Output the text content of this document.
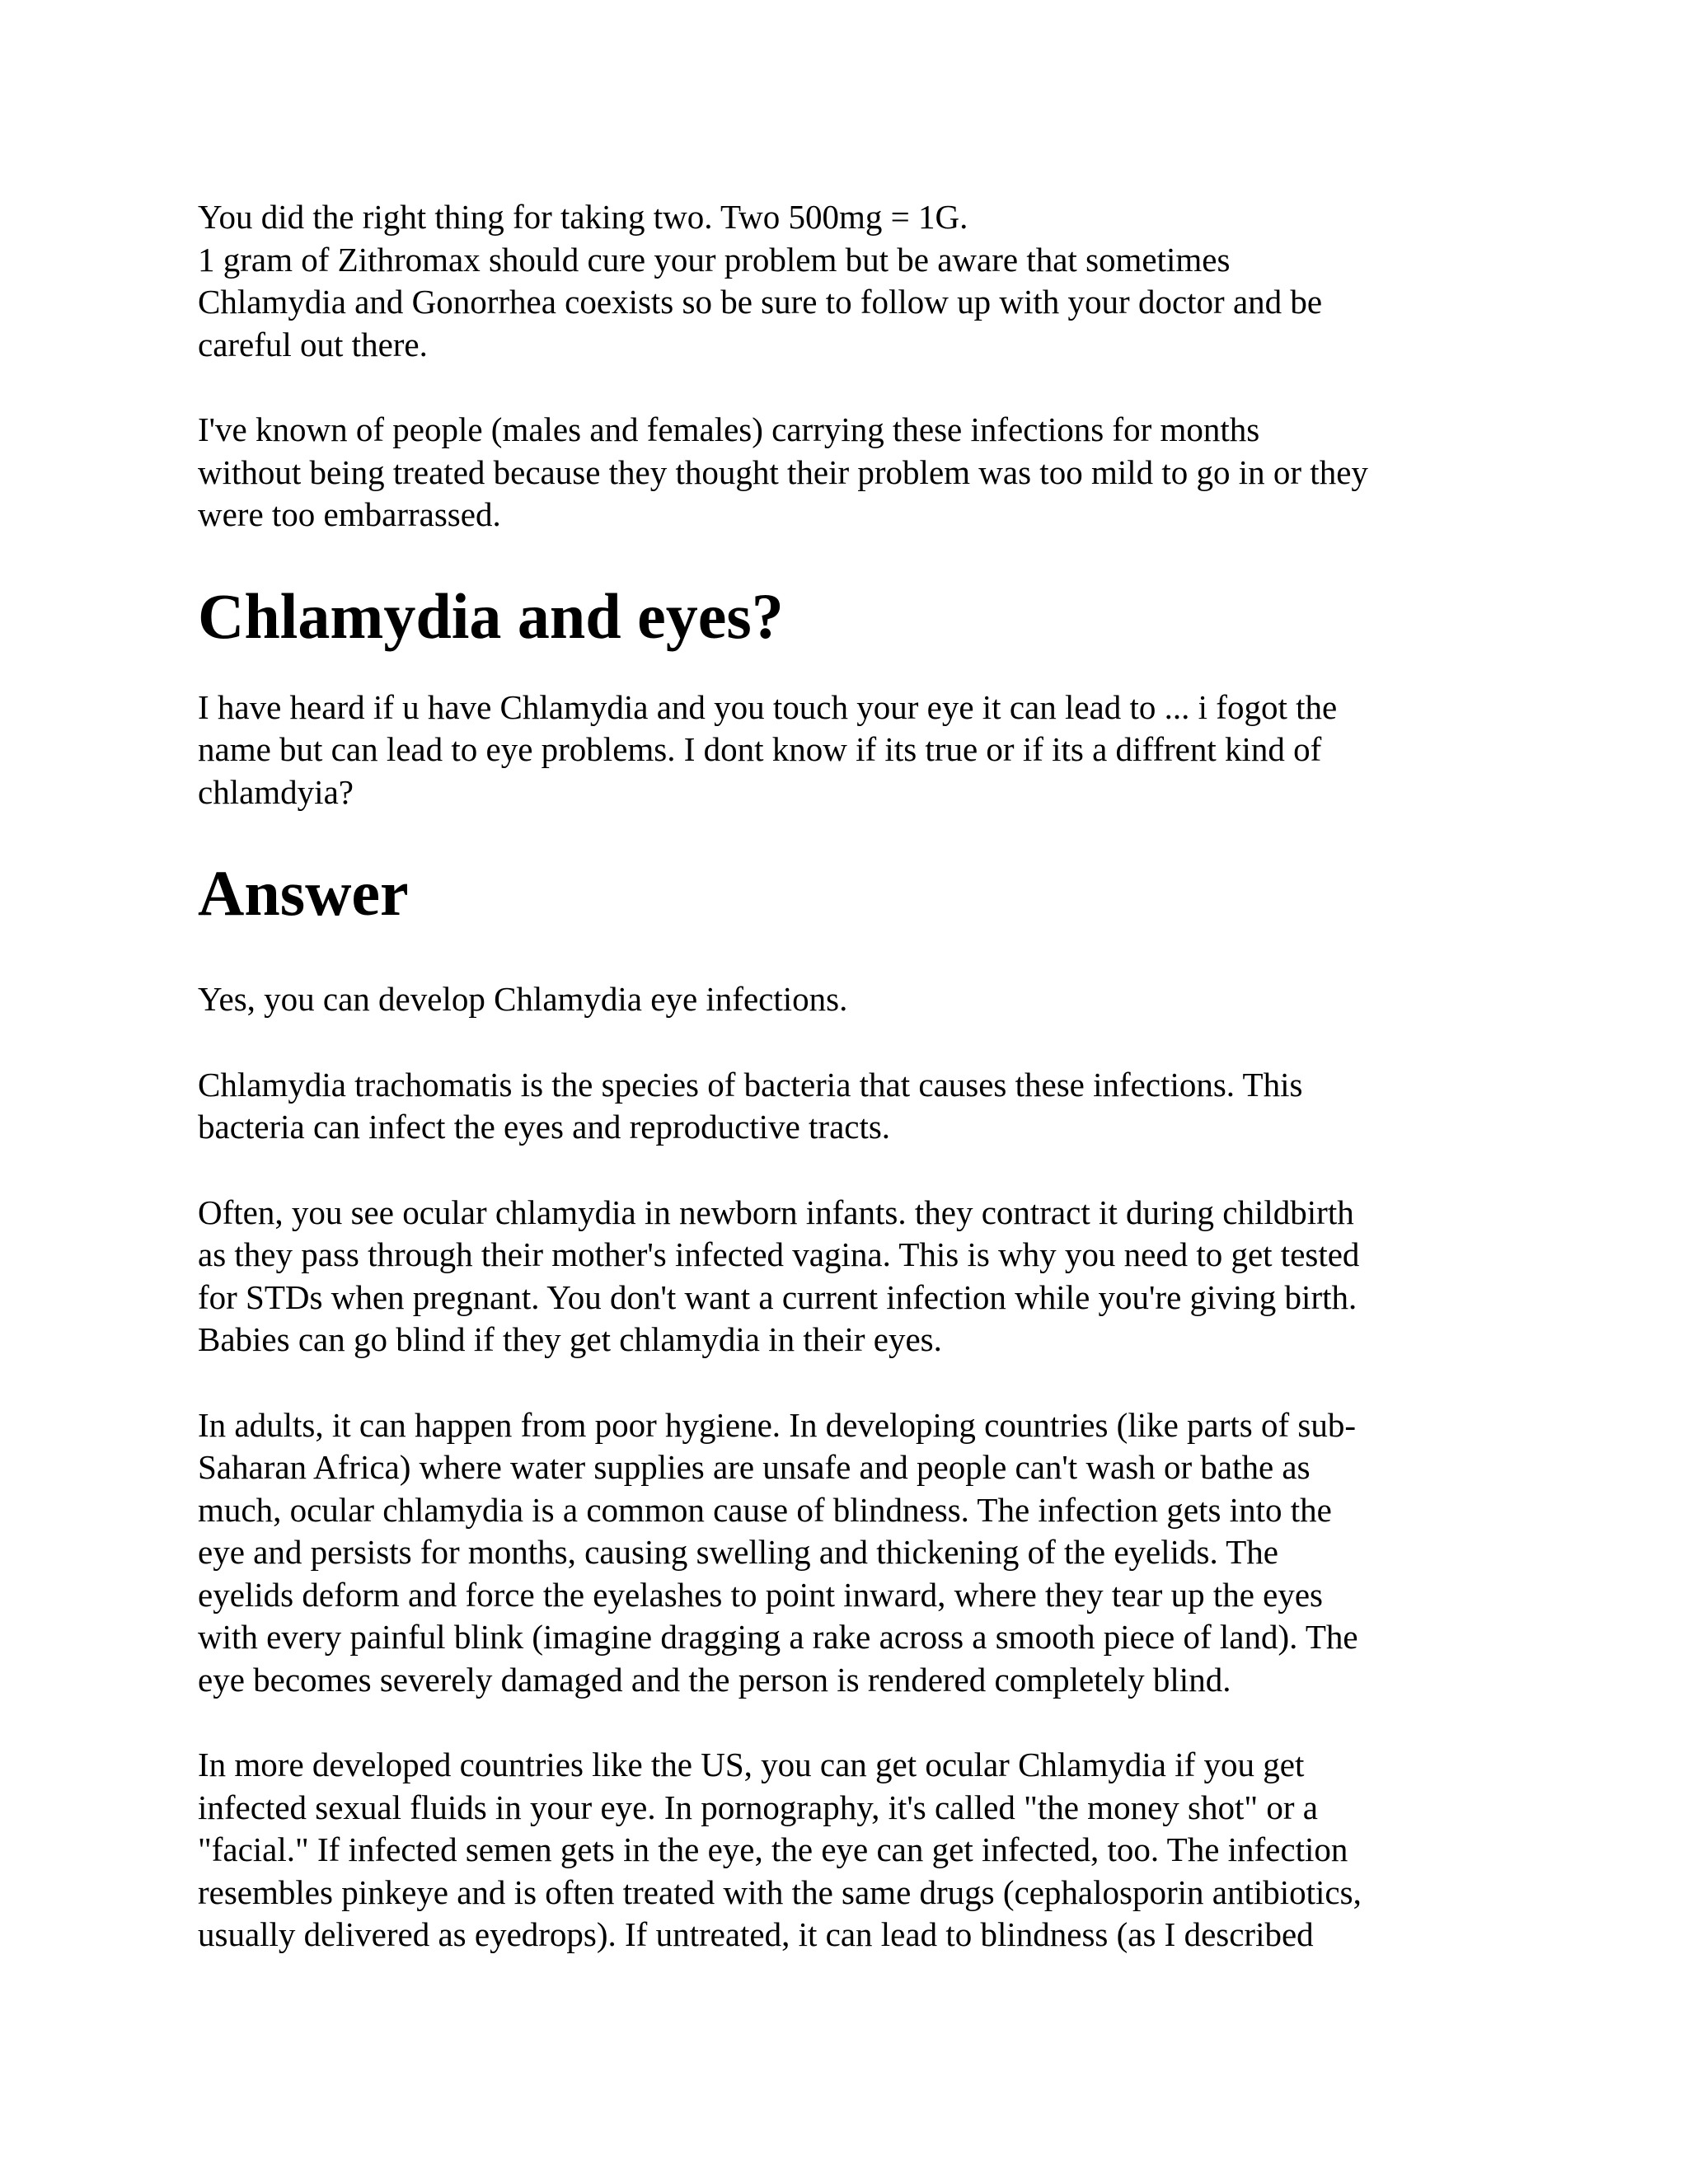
You did the right thing for taking two. Two 500mg = 1G.
1 gram of Zithromax should cure your problem but be aware that sometimes
Chlamydia and Gonorrhea coexists so be sure to follow up with your doctor and be
careful out there.

I've known of people (males and females) carrying these infections for months
without being treated because they thought their problem was too mild to go in or they
were too embarrassed.

Chlamydia and eyes?

I have heard if u have Chlamydia and you touch your eye it can lead to ... i fogot the
name but can lead to eye problems. I dont know if its true or if its a diffrent kind of
chlamdyia?

Answer

Yes, you can develop Chlamydia eye infections.

Chlamydia trachomatis is the species of bacteria that causes these infections. This
bacteria can infect the eyes and reproductive tracts.

Often, you see ocular chlamydia in newborn infants. they contract it during childbirth
as they pass through their mother's infected vagina. This is why you need to get tested
for STDs when pregnant. You don't want a current infection while you're giving birth.
Babies can go blind if they get chlamydia in their eyes.

In adults, it can happen from poor hygiene. In developing countries (like parts of sub-
Saharan Africa) where water supplies are unsafe and people can't wash or bathe as
much, ocular chlamydia is a common cause of blindness. The infection gets into the
eye and persists for months, causing swelling and thickening of the eyelids. The
eyelids deform and force the eyelashes to point inward, where they tear up the eyes
with every painful blink (imagine dragging a rake across a smooth piece of land). The
eye becomes severely damaged and the person is rendered completely blind.

In more developed countries like the US, you can get ocular Chlamydia if you get
infected sexual fluids in your eye. In pornography, it's called "the money shot" or a
"facial." If infected semen gets in the eye, the eye can get infected, too. The infection
resembles pinkeye and is often treated with the same drugs (cephalosporin antibiotics,
usually delivered as eyedrops). If untreated, it can lead to blindness (as I described
